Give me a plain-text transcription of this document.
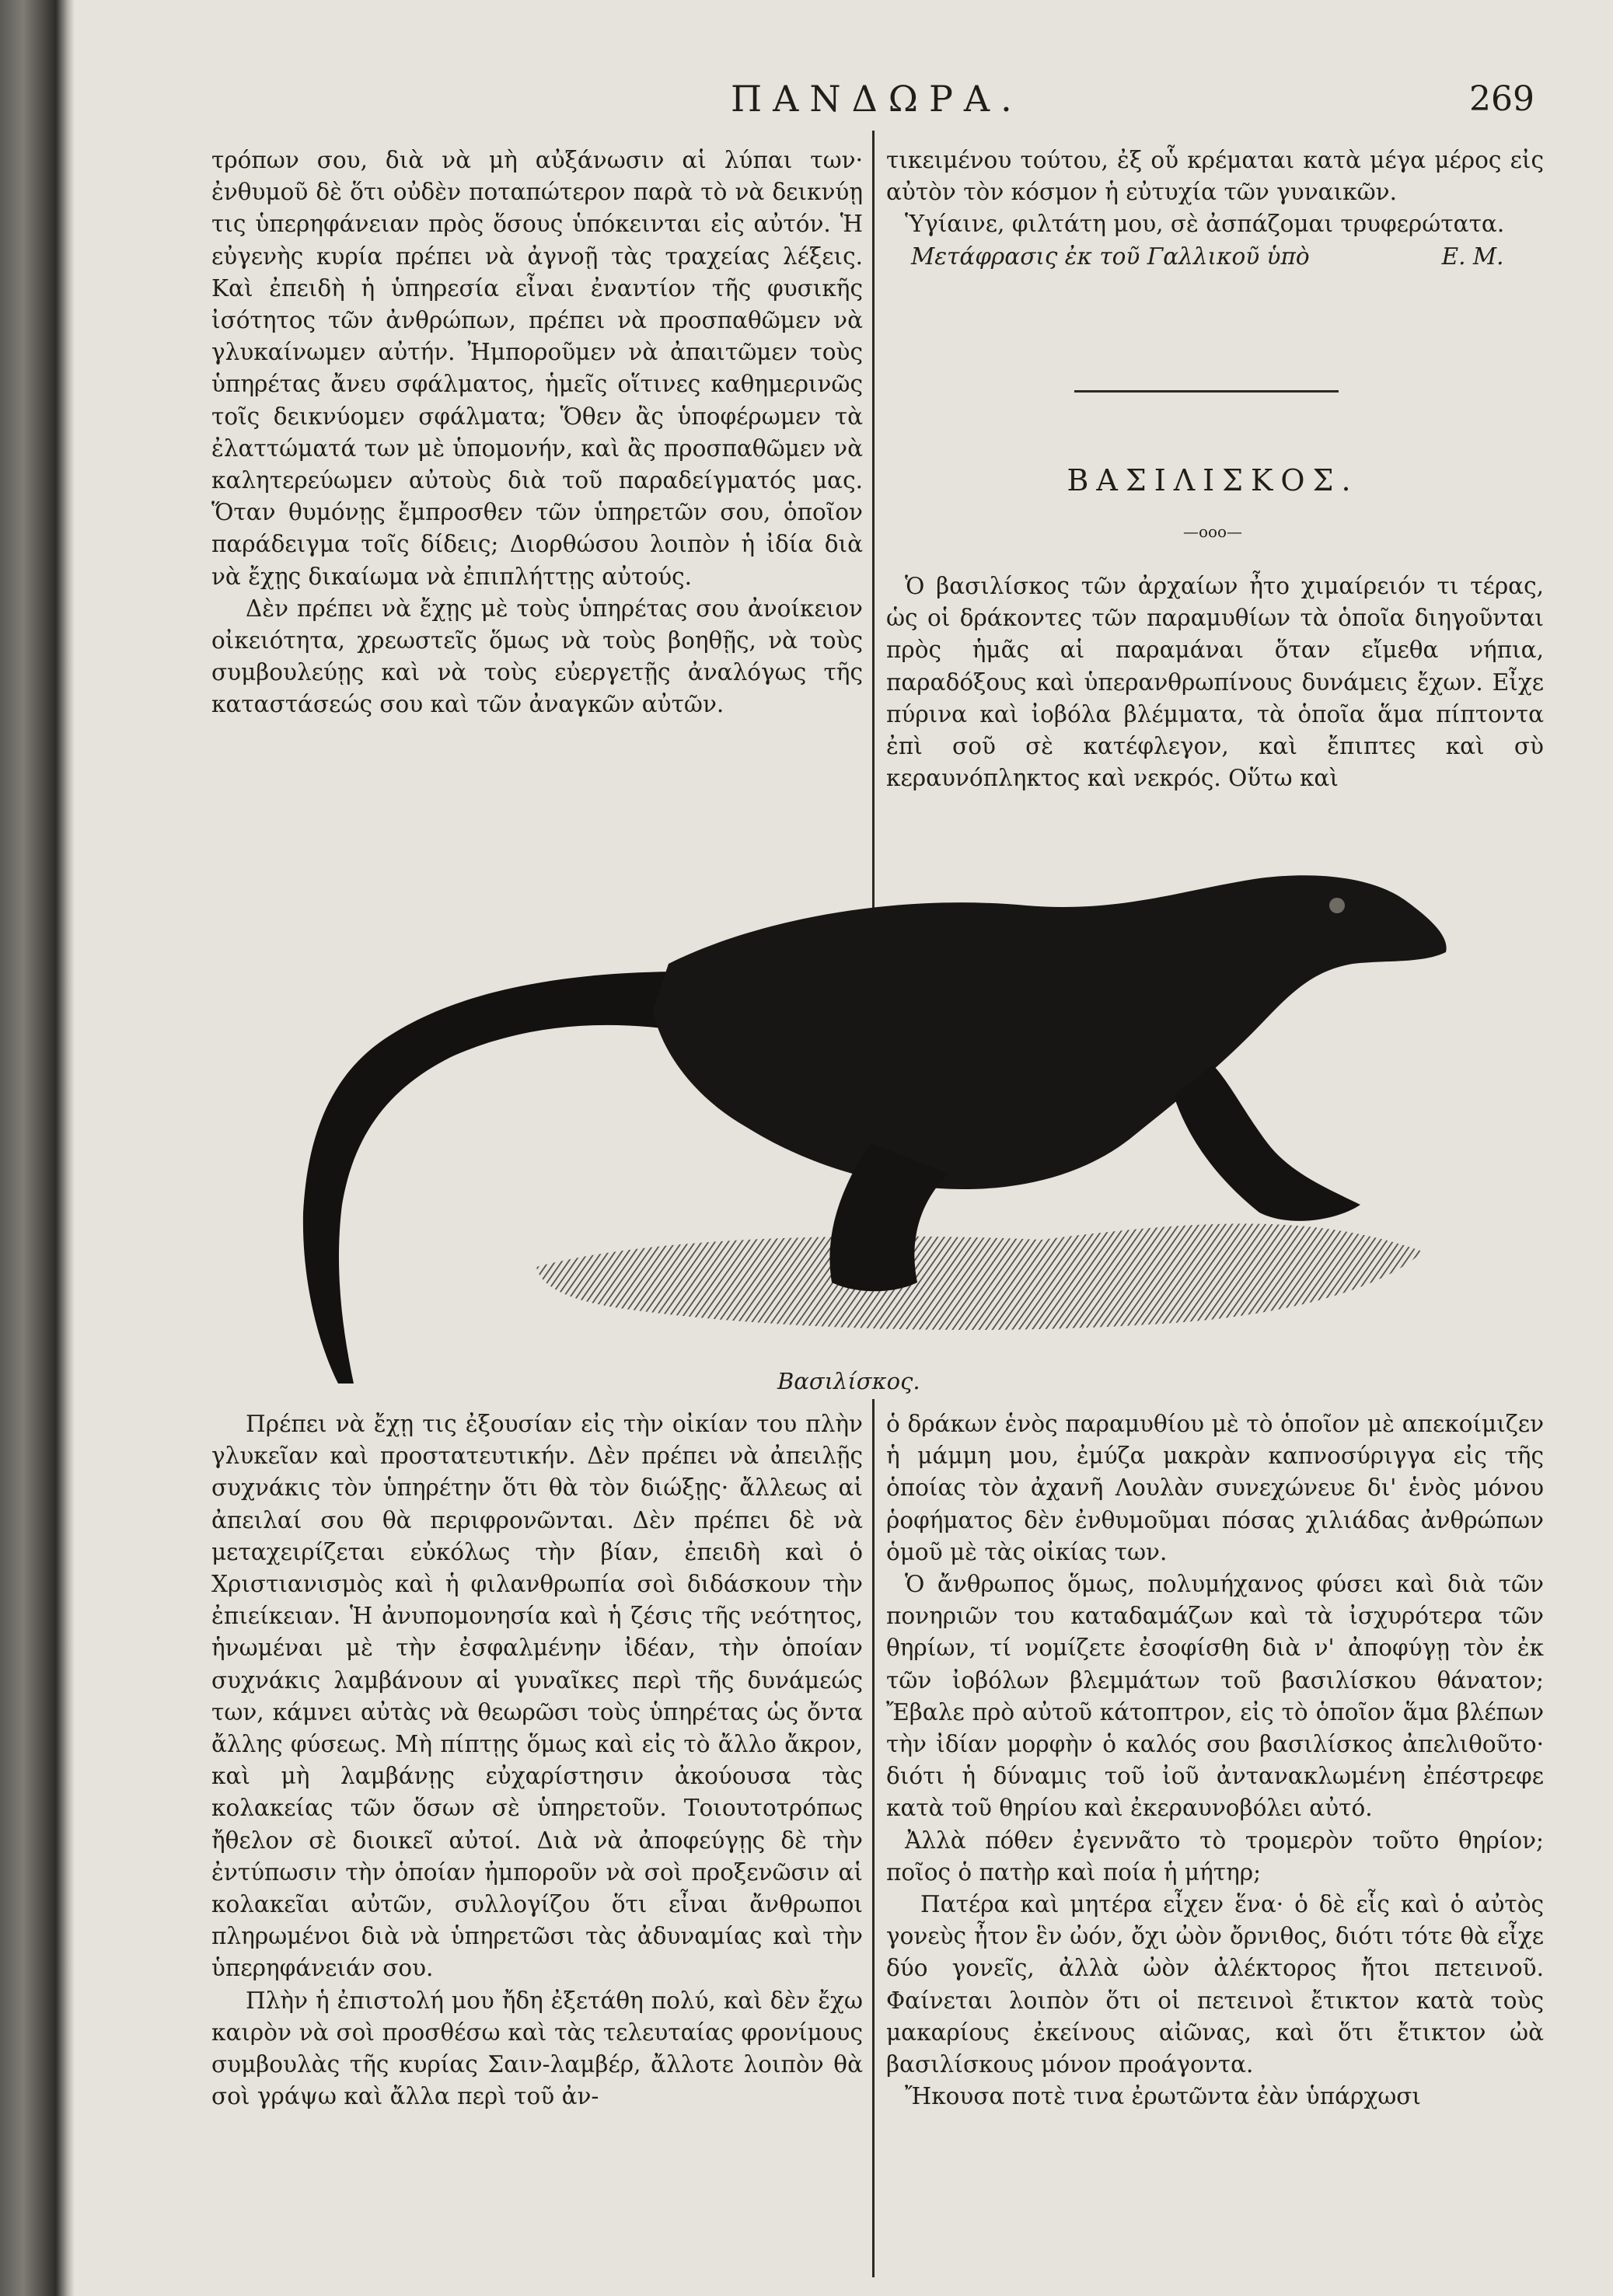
ΠΑΝΔΩΡΑ.	269

τρόπων σου, διὰ νὰ μὴ αὐξάνωσιν αἱ λύπαι των· ἐνθυμοῦ δὲ ὅτι οὐδὲν ποταπώτερον παρὰ τὸ νὰ δεικνύῃ τις ὑπερηφάνειαν πρὸς ὅσους ὑπόκεινται εἰς αὐτόν. Ἡ εὐγενὴς κυρία πρέπει νὰ ἀγνοῇ τὰς τραχείας λέξεις. Καὶ ἐπειδὴ ἡ ὑπηρεσία εἶναι ἐναντίον τῆς φυσικῆς ἰσότητος τῶν ἀνθρώπων, πρέπει νὰ προσπαθῶμεν νὰ γλυκαίνωμεν αὐτήν. Ἠμποροῦμεν νὰ ἀπαιτῶμεν τοὺς ὑπηρέτας ἄνευ σφάλματος, ἡμεῖς οἵτινες καθημερινῶς τοῖς δεικνύομεν σφάλματα; Ὅθεν ἂς ὑποφέρωμεν τὰ ἐλαττώματά των μὲ ὑπομονήν, καὶ ἂς προσπαθῶμεν νὰ καλητερεύωμεν αὐτοὺς διὰ τοῦ παραδείγματός μας. Ὅταν θυμόνῃς ἔμπροσθεν τῶν ὑπηρετῶν σου, ὁποῖον παράδειγμα τοῖς δίδεις; Διορθώσου λοιπὸν ἡ ἰδία διὰ νὰ ἔχῃς δικαίωμα νὰ ἐπιπλήττῃς αὐτούς.

Δὲν πρέπει νὰ ἔχῃς μὲ τοὺς ὑπηρέτας σου ἀνοίκειον οἰκειότητα, χρεωστεῖς ὅμως νὰ τοὺς βοηθῇς, νὰ τοὺς συμβουλεύῃς καὶ νὰ τοὺς εὐεργετῇς ἀναλόγως τῆς καταστάσεώς σου καὶ τῶν ἀναγκῶν αὐτῶν.

τικειμένου τούτου, ἐξ οὗ κρέμαται κατὰ μέγα μέρος εἰς αὐτὸν τὸν κόσμον ἡ εὐτυχία τῶν γυναικῶν.

Ὑγίαινε, φιλτάτη μου, σὲ ἀσπάζομαι τρυφερώτατα.

Μετάφρασις ἐκ τοῦ Γαλλικοῦ ὑπὸ	Ε. Μ.

ΒΑΣΙΛΙΣΚΟΣ.
—οοο—

Ὁ βασιλίσκος τῶν ἀρχαίων ἦτο χιμαίρειόν τι τέρας, ὡς οἱ δράκοντες τῶν παραμυθίων τὰ ὁποῖα διηγοῦνται πρὸς ἡμᾶς αἱ παραμάναι ὅταν εἴμεθα νήπια, παραδόξους καὶ ὑπερανθρωπίνους δυνάμεις ἔχων. Εἶχε πύρινα καὶ ἰοβόλα βλέμματα, τὰ ὁποῖα ἅμα πίπτοντα ἐπὶ σοῦ σὲ κατέφλεγον, καὶ ἔπιπτες καὶ σὺ κεραυνόπληκτος καὶ νεκρός. Οὕτω καὶ

Βασιλίσκος.

Πρέπει νὰ ἔχῃ τις ἐξουσίαν εἰς τὴν οἰκίαν του πλὴν γλυκεῖαν καὶ προστατευτικήν. Δὲν πρέπει νὰ ἀπειλῇς συχνάκις τὸν ὑπηρέτην ὅτι θὰ τὸν διώξῃς· ἄλλεως αἱ ἀπειλαί σου θὰ περιφρονῶνται. Δὲν πρέπει δὲ νὰ μεταχειρίζεται εὐκόλως τὴν βίαν, ἐπειδὴ καὶ ὁ Χριστιανισμὸς καὶ ἡ φιλανθρωπία σοὶ διδάσκουν τὴν ἐπιείκειαν. Ἡ ἀνυπομονησία καὶ ἡ ζέσις τῆς νεότητος, ἡνωμέναι μὲ τὴν ἐσφαλμένην ἰδέαν, τὴν ὁποίαν συχνάκις λαμβάνουν αἱ γυναῖκες περὶ τῆς δυνάμεώς των, κάμνει αὐτὰς νὰ θεωρῶσι τοὺς ὑπηρέτας ὡς ὄντα ἄλλης φύσεως. Μὴ πίπτῃς ὅμως καὶ εἰς τὸ ἄλλο ἄκρον, καὶ μὴ λαμβάνῃς εὐχαρίστησιν ἀκούουσα τὰς κολακείας τῶν ὅσων σὲ ὑπηρετοῦν. Τοιουτοτρόπως ἤθελον σὲ διοικεῖ αὐτοί. Διὰ νὰ ἀποφεύγῃς δὲ τὴν ἐντύπωσιν τὴν ὁποίαν ἠμποροῦν νὰ σοὶ προξενῶσιν αἱ κολακεῖαι αὐτῶν, συλλογίζου ὅτι εἶναι ἄνθρωποι πληρωμένοι διὰ νὰ ὑπηρετῶσι τὰς ἀδυναμίας καὶ τὴν ὑπερηφάνειάν σου.

Πλὴν ἡ ἐπιστολή μου ἤδη ἐξετάθη πολύ, καὶ δὲν ἔχω καιρὸν νὰ σοὶ προσθέσω καὶ τὰς τελευταίας φρονίμους συμβουλὰς τῆς κυρίας Σαιν-λαμβέρ, ἄλλοτε λοιπὸν θὰ σοὶ γράψω καὶ ἄλλα περὶ τοῦ ἀν-

ὁ δράκων ἑνὸς παραμυθίου μὲ τὸ ὁποῖον μὲ απεκοίμιζεν ἡ μάμμη μου, ἐμύζα μακρὰν καπνοσύριγγα εἰς τῆς ὁποίας τὸν ἀχανῆ Λουλὰν συνεχώνευε δι' ἑνὸς μόνου ῥοφήματος δὲν ἐνθυμοῦμαι πόσας χιλιάδας ἀνθρώπων ὁμοῦ μὲ τὰς οἰκίας των.

Ὁ ἄνθρωπος ὅμως, πολυμήχανος φύσει καὶ διὰ τῶν πονηριῶν του καταδαμάζων καὶ τὰ ἰσχυρότερα τῶν θηρίων, τί νομίζετε ἐσοφίσθη διὰ ν' ἀποφύγῃ τὸν ἐκ τῶν ἰοβόλων βλεμμάτων τοῦ βασιλίσκου θάνατον; Ἔβαλε πρὸ αὐτοῦ κάτοπτρον, εἰς τὸ ὁποῖον ἅμα βλέπων τὴν ἰδίαν μορφὴν ὁ καλός σου βασιλίσκος ἀπελιθοῦτο· διότι ἡ δύναμις τοῦ ἰοῦ ἀντανακλωμένη ἐπέστρεφε κατὰ τοῦ θηρίου καὶ ἐκεραυνοβόλει αὐτό.

Ἀλλὰ πόθεν ἐγεννᾶτο τὸ τρομερὸν τοῦτο θηρίον; ποῖος ὁ πατὴρ καὶ ποία ἡ μήτηρ;

Πατέρα καὶ μητέρα εἶχεν ἕνα· ὁ δὲ εἷς καὶ ὁ αὐτὸς γονεὺς ἦτον ἓν ὠόν, ὄχι ὠὸν ὄρνιθος, διότι τότε θὰ εἶχε δύο γονεῖς, ἀλλὰ ὠὸν ἀλέκτορος ἤτοι πετεινοῦ. Φαίνεται λοιπὸν ὅτι οἱ πετεινοὶ ἔτικτον κατὰ τοὺς μακαρίους ἐκείνους αἰῶνας, καὶ ὅτι ἔτικτον ὠὰ βασιλίσκους μόνον προάγοντα.

Ἤκουσα ποτὲ τινα ἐρωτῶντα ἐὰν ὑπάρχωσι
